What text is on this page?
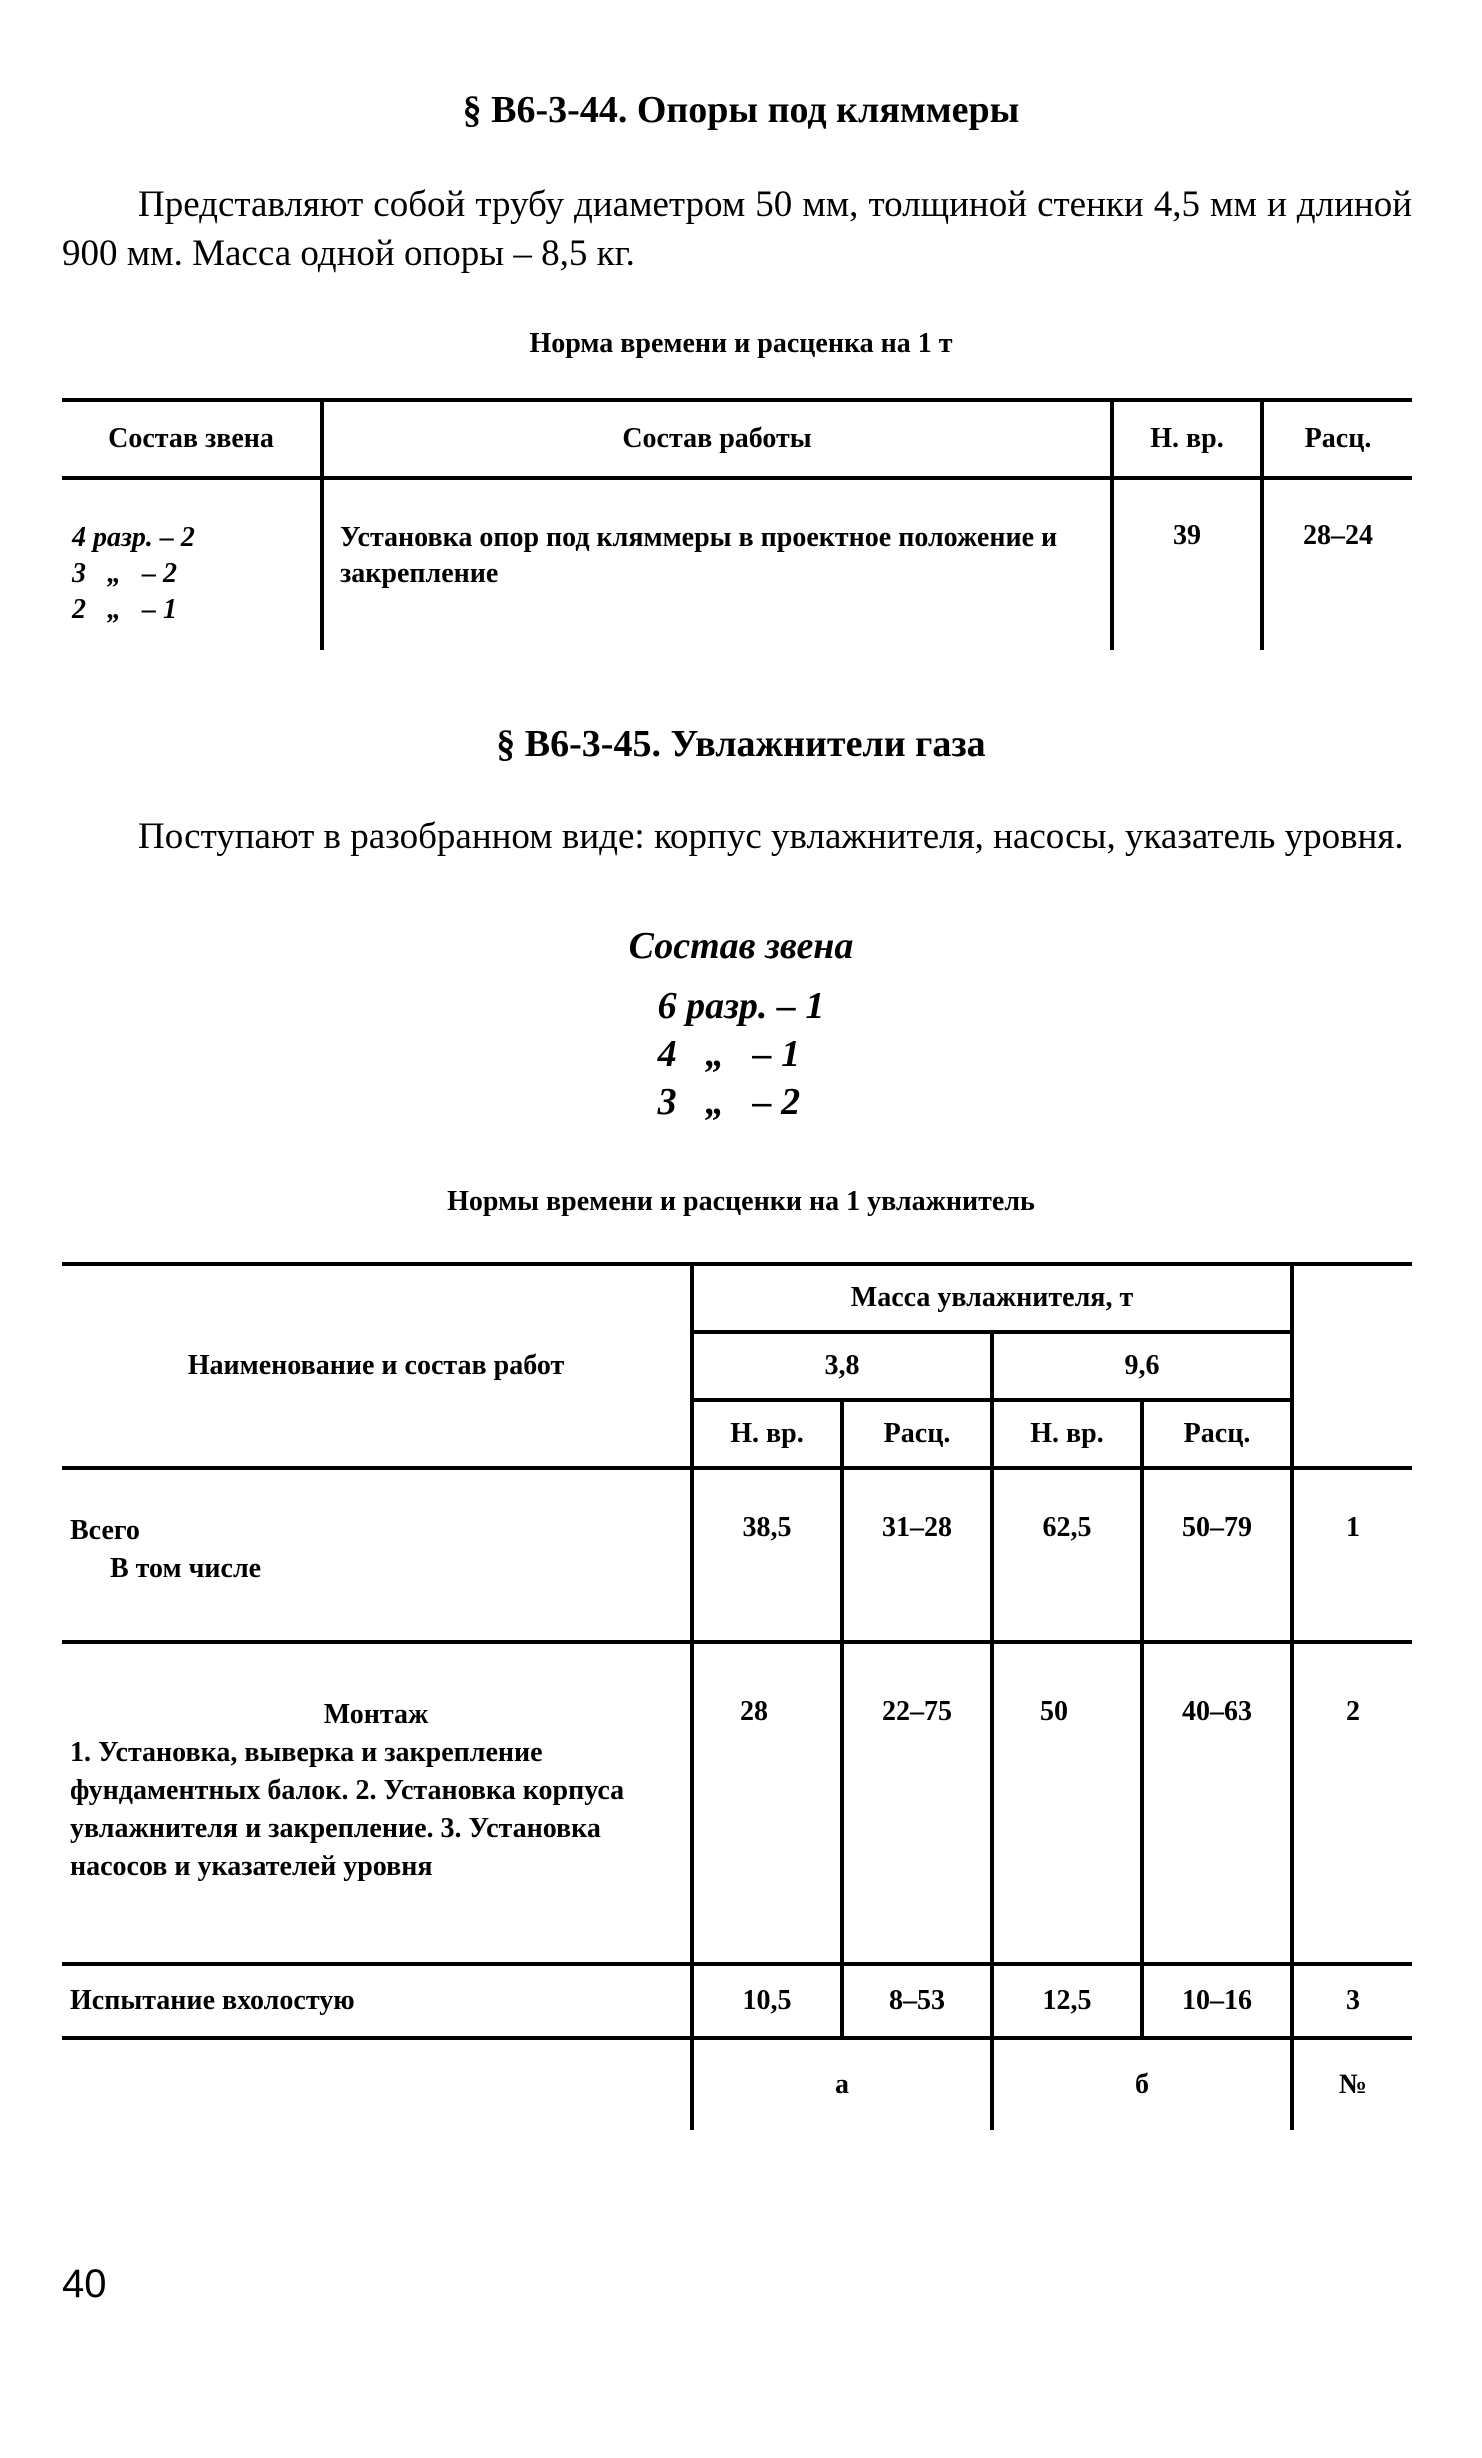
§ В6-3-44. Опоры под кляммеры
Представляют собой трубу диаметром 50 мм, толщиной стенки 4,5 мм и длиной 900 мм. Масса одной опоры – 8,5 кг.
Норма времени и расценка на 1 т
Состав звена	Состав работы	Н. вр.	Расц.
4 разр. – 2
3   „   – 2
2   „   – 1	Установка опор под кляммеры в проектное положение и закрепление	39	28–24
§ В6-3-45. Увлажнители газа
Поступают в разобранном виде: корпус увлажнителя, насосы, указатель уровня.
Состав звена
6 разр. – 1
4   „   – 1
3   „   – 2
Нормы времени и расценки на 1 увлажнитель
Наименование и состав работ	Масса увлажнителя, т				
	3,8		9,6		
	Н. вр.	Расц.	Н. вр.	Расц.	

Всего
В том числе	38,5	31–28	62,5	50–79	1

Монтаж
1. Установка, выверка и закрепление фундаментных балок. 2. Установка корпуса увлажнителя и закрепление. 3. Установка насосов и указателей уровня	28	22–75	50	40–63	2

Испытание вхолостую	10,5	8–53	12,5	10–16	3
	а		б		№
40
